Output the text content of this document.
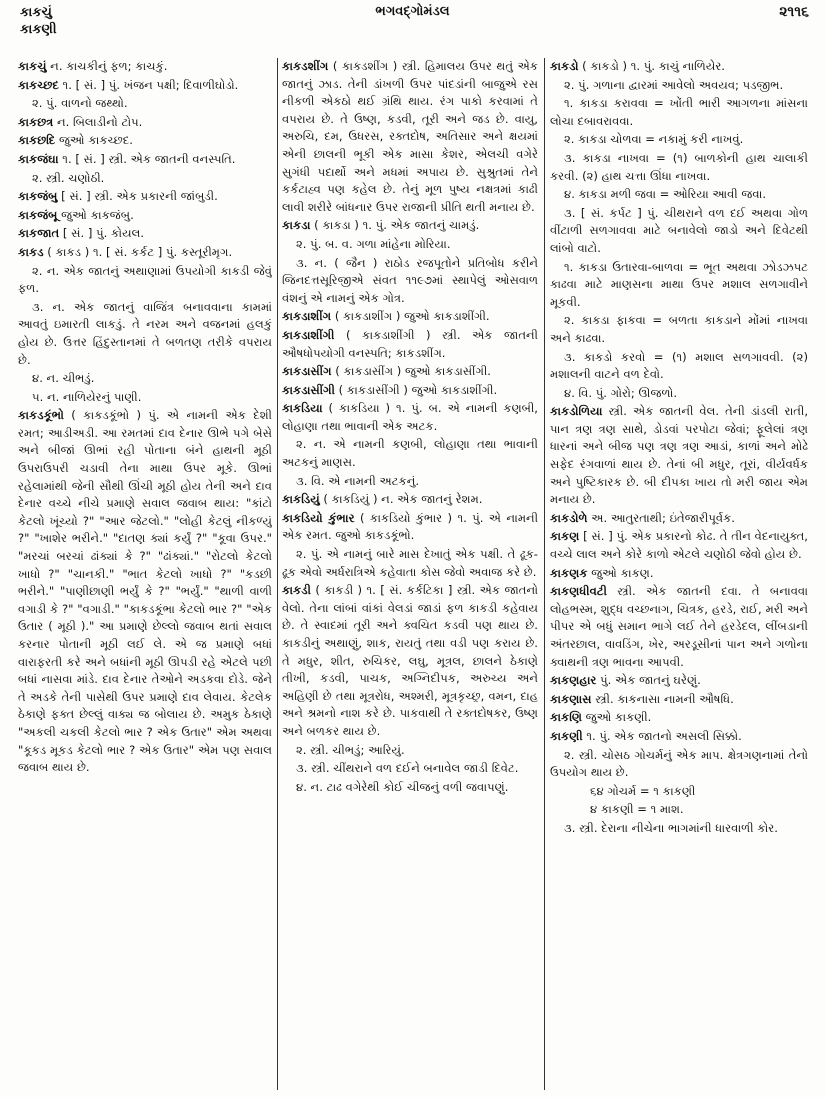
કાકચું
કાકણી
ભગવદ્ગોમંડલ	૨૧૧૬

કાકચું ન. કાચકીનું ફળ; કાચકું.

કાકચ્છદ ૧. [ સં. ] પું. ખંજન પક્ષી; દિવાળીઘોડો.

૨. પું. વાળનો જથ્થો.

કાકછત્ર ન. બિલાડીનો ટોપ.

કાકછદિ જુઓ કાકચ્છદ.

કાકજંઘા ૧. [ સં. ] સ્ત્રી. એક જાતની વનસ્પતિ.

૨. સ્ત્રી. ચણોઠી.

કાકજંબુ [ સં. ] સ્ત્રી. એક પ્રકારની જાંબુડી.

કાકજંબૂ જુઓ કાકજંબુ.

કાકજાત [ સં. ] પું. કોયલ.

કાકડ ( કાકડ ) ૧. [ સં. કર્કટ ] પું. કસ્તૂરીમૃગ.

૨. ન. એક જાતનું અથાણામાં ઉપયોગી કાકડી જેવું ફળ.

૩. ન. એક જાતનું વાજિંત્ર બનાવવાના કામમાં આવતું ઇમારતી લાકડું. તે નરમ અને વજનમાં હલકું હોય છે. ઉત્તર હિંદુસ્તાનમાં તે બળતણ તરીકે વપરાય છે.

૪. ન. ચીભડું.

૫. ન. નાળિયેરનું પાણી.

કાકડકૂંભો ( કાકડકૂંભો ) પું. એ નામની એક દેશી રમત; આડીઅડી. આ રમતમાં દાવ દેનાર ઊભે પગે બેસે અને બીજાં ઊભાં રહી પોતાના બંને હાથની મૂઠી ઉપરાઉપરી ચડાવી તેના માથા ઉપર મૂકે. ઊભાં રહેલામાંથી જેની સૌથી ઊંચી મૂઠી હોય તેની અને દાવ દેનાર વચ્ચે નીચે પ્રમાણે સવાલ જવાબ થાય: "કાંટો કેટલો ખૂંચ્યો ?" "આર જેટલો." "લોહી કેટલું નીકળ્યું ?" "ખાશેર ભરીને." "દાતણ ક્યાં કર્યું ?" "કૂવા ઉપર." "મરચાં બરચાં ઢાંક્યાં કે ?" "ઢાંક્યાં." "રોટલો કેટલો ખાધો ?" "ચાનકી." "ભાત કેટલો ખાધો ?" "કડછી ભરીને." "પાણીછાણી ભર્યું કે ?" "ભર્યું." "થાળી વાળી વગાડી કે ?" "વગાડી." "કાકડકૂંભા કેટલો ભાર ?" "એક ઉતાર ( મૂઠી )." આ પ્રમાણે છેલ્લો જવાબ થતાં સવાલ કરનાર પોતાની મૂઠી લઈ લે. એ જ પ્રમાણે બધાં વારાફરતી કરે અને બધાંની મૂઠી ઊપડી રહે એટલે પછી બધાં નાસવા માંડે. દાવ દેનાર તેઓને અડકવા દોડે. જેને તે અડકે તેની પાસેથી ઉપર પ્રમાણે દાવ લેવાય. કેટલેક ઠેકાણે ફક્ત છેલ્લું વાક્ય જ બોલાય છે. અમુક ઠેકાણે "અકલી ચકલી કેટલો ભાર ? એક ઉતાર" એમ અથવા "કૂકડ મૂકડ કેટલો ભાર ? એક ઉતાર" એમ પણ સવાલ જવાબ થાય છે.

કાકડશીંગ ( કાકડશીંગ ) સ્ત્રી. હિમાલય ઉપર થતું એક જાતનું ઝાડ. તેની ડાંખળી ઉપર પાંદડાંની બાજુએ રસ નીકળી એકઠો થઈ ગ્રંથિ થાય. રંગ પાકો કરવામાં તે વપરાય છે. તે ઉષ્ણ, કડવી, તૂરી અને જડ છે. વાયુ, અરુચિ, દમ, ઉધરસ, રક્તદોષ, અતિસાર અને ક્ષયમાં એની છાલની ભૂકી એક માસા કેશર, એલચી વગેરે સુગંધી પદાર્થો અને મધમાં અપાય છે. સુશ્રુતમાં તેને કર્કટાહ્વ પણ કહેલ છે. તેનું મૂળ પુષ્ય નક્ષત્રમાં કાઢી લાવી શરીરે બાંધનાર ઉપર રાજાની પ્રીતિ થતી મનાય છે.

કાકડા ( કાકડા ) ૧. પું. એક જાતનું ચામડું.

૨. પું. બ. વ. ગળા માંહેના મોરિયા.

૩. ન. ( જૈન ) રાઠોડ રજપૂતોને પ્રતિબોધ કરીને જિનદત્તસૂરિજીએ સંવત ૧૧૯૭માં સ્થાપેલું ઓસવાળ વંશનું એ નામનું એક ગોત્ર.

કાકડાશીંગ ( કાકડાશીંગ ) જુઓ કાકડાશીંગી.

કાકડાશીંગી ( કાકડાશીંગી ) સ્ત્રી. એક જાતની ઔષધોપયોગી વનસ્પતિ; કાકડશીંગ.

કાકડાસીંગ ( કાકડાસીંગ ) જુઓ કાકડાસીંગી.

કાકડાસીંગી ( કાકડાસીંગી ) જુઓ કાકડાશીંગી.

કાકડિયા ( કાકડિયા ) ૧. પું. બ. એ નામની કણબી, લોહાણા તથા ભાવાની એક અટક.

૨. ન. એ નામની કણબી, લોહાણા તથા ભાવાની અટકનું માણસ.

૩. વિ. એ નામની અટકનું.

કાકડિયું ( કાકડિયું ) ન. એક જાતનું રેશમ.

કાકડિયો કુંભાર ( કાકડિયો કુંભાર ) ૧. પું. એ નામની એક રમત. જુઓ કાકડકૂંભો.

૨. પું. એ નામનું બારે માસ દેખાતું એક પક્ષી. તે ઢૂક-ઢૂક એવો અર્ધરાત્રિએ કહેવાતા કોસ જેવો અવાજ કરે છે.

કાકડી ( કાકડી ) ૧. [ સં. કર્કટિકા ] સ્ત્રી. એક જાતનો વેલો. તેના લાંબાં વાંકાં વેલડાં જાડાં ફળ કાકડી કહેવાય છે. તે સ્વાદમાં તૂરી અને ક્વચિત કડવી પણ થાય છે. કાકડીનું અથાણું, શાક, રાયતું તથા વડી પણ કરાય છે. તે મધુર, શીત, રુચિકર, લઘુ, મૂત્રલ, છાલને ઠેકાણે તીખી, કડવી, પાચક, અગ્નિદીપક, અરુચ્ય અને અહિણી છે તથા મૂત્રરોધ, અશ્મરી, મૂત્રકૃચ્છ્ર, વમન, દાહ અને શ્રમનો નાશ કરે છે. પાકવાથી તે રક્તદોષકર, ઉષ્ણ અને બળકર થાય છે.

૨. સ્ત્રી. ચીભડું; આરિયું.

૩. સ્ત્રી. ચીંથરાને વળ દઈને બનાવેલ જાડી દિવેટ.

૪. ન. ટાઢ વગેરેથી કોઈ ચીજનું વળી જવાપણું.

કાકડો ( કાકડો ) ૧. પું. કાચું નાળિયેર.

૨. પું. ગળાના દ્વારમાં આવેલો અવયવ; પડજીભ.

૧. કાકડા કરાવવા = ખોંતી ભારી આગળના માંસના લોચા દબાવરાવવા.

૨. કાકડા ચોળવા = નકામું કરી નાખવું.

૩. કાકડા નાખવા = (૧) બાળકોની હાથ ચાલાકી કરવી. (૨) હાથ ચત્તા ઊંધા નાખવા.

૪. કાકડા મળી જવા = ઓરિયા આવી જવા.

૩. [ સં. કર્પટ ] પું. ચીથરાને વળ દઈ અથવા ગોળ વીંટાળી સળગાવવા માટે બનાવેલો જાડો અને દિવેટથી લાંબો વાટો.

૧. કાકડા ઉતારવા-બાળવા = ભૂત અથવા ઝોડઝપટ કાઢવા માટે માણસના માથા ઉપર મશાલ સળગાવીને મૂકવી.

૨. કાકડા ફાકવા = બળતા કાકડાને મોંમાં નાખવા અને કાઢવા.

૩. કાકડો કરવો = (૧) મશાલ સળગાવવી. (૨) મશાલની વાટને વળ દેવો.

૪. વિ. પું. ગોરો; ઊજળો.

કાકડોળિયા સ્ત્રી. એક જાતની વેલ. તેની ડાંડલી રાતી, પાન ત્રણ ત્રણ સાથે, ડોડવાં પરપોટા જેવાં; ફૂલેલાં ત્રણ ધારનાં અને બીજ પણ ત્રણ ત્રણ આડાં, કાળાં અને મોઢે સફેદ રંગવાળાં થાય છે. તેનાં બી મધુર, તૂરાં, વીર્યવર્ધક અને પુષ્ટિકારક છે. બી દીપકા ખાય તો મરી જાય એમ મનાય છે.

કાકડોળે અ. આતુરતાથી; ઇંતેજારીપૂર્વક.

કાકણ [ સં. ] પું. એક પ્રકારનો કોઢ. તે તીન વેદનાયુક્ત, વચ્ચે લાલ અને કોરે કાળો એટલે ચણોઠી જેવો હોય છે.

કાકણક જુઓ કાકણ.

કાકણધીવટી સ્ત્રી. એક જાતની દવા. તે બનાવવા લોહભસ્મ, શુદ્ધ વચ્છનાગ, ચિત્રક, હરડે, રાઈ, મરી અને પીપર એ બધું સમાન ભાગે લઈ તેને હરડેદલ, લીંબડાની અંતરછાલ, વાવડિંગ, ખેર, અરડૂસીનાં પાન અને ગળોના ક્વાથની ત્રણ ભાવના આપવી.

કાકણહાર પું. એક જાતનું ઘરેણું.

કાકણાસ સ્ત્રી. કાકનાસા નામની ઔષધિ.

કાકણિ જુઓ કાકણી.

કાકણી ૧. પું. એક જાતનો અસલી સિક્કો.

૨. સ્ત્રી. ચોસઠ ગોચર્મનું એક માપ. ક્ષેત્રગણનામાં તેનો ઉપયોગ થાય છે.

૬૪ ગોચર્મ = ૧ કાકણી

૪ કાકણી = ૧ માશ.

૩. સ્ત્રી. દેરાના નીચેના ભાગમાંની ધારવાળી કોર.
